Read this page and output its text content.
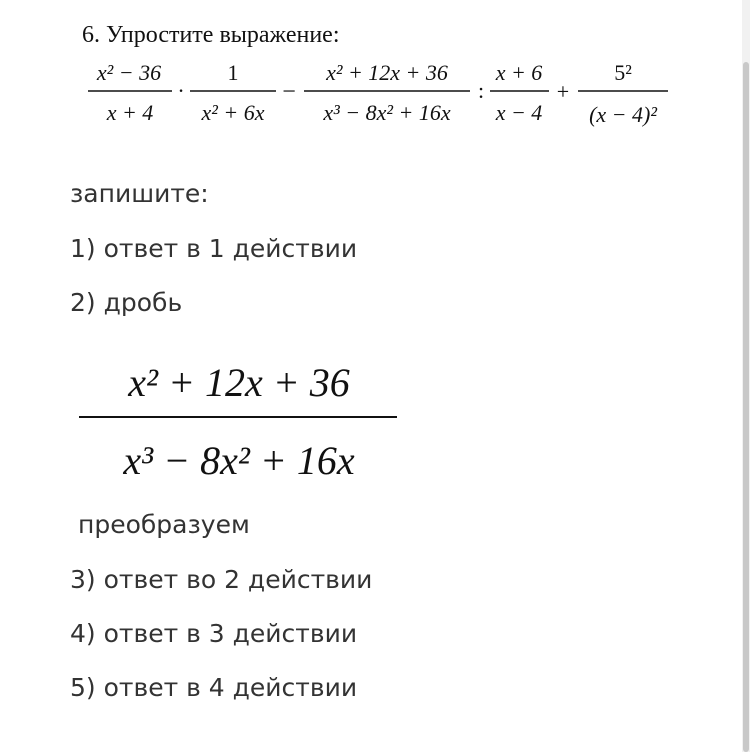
6. Упростите выражение:
x² − 36
x + 4
·
1
x² + 6x
−
x² + 12x + 36
x³ − 8x² + 16x
:
x + 6
x − 4
+
5²
(x − 4)²
x² + 12x + 36
x³ − 8x² + 16x
запишите:
1) ответ в 1 действии
2) дробь
преобразуем
3) ответ во 2 действии
4) ответ в 3 действии
5) ответ в 4 действии
